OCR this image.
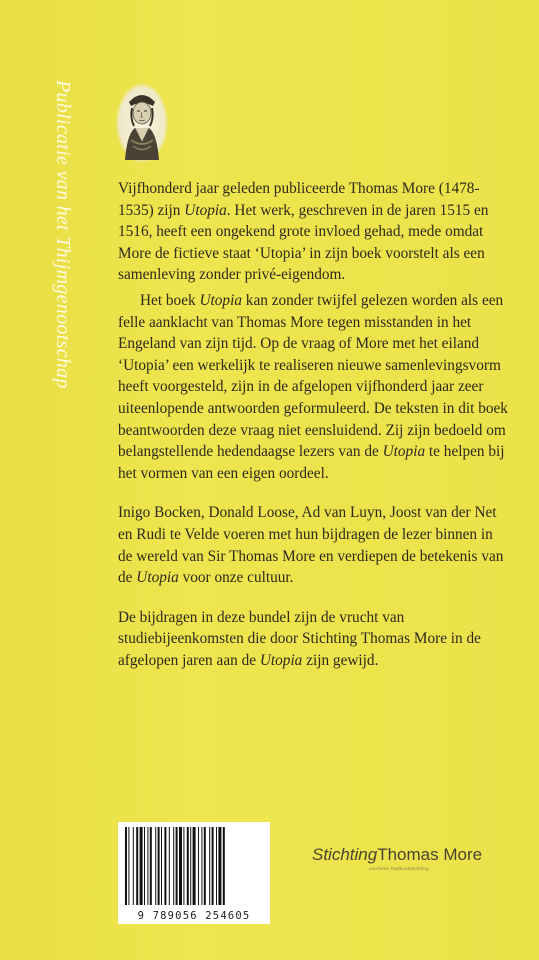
Publicatie van het Thijmgenootschap	Vijfhonderd jaar geleden publiceerde Thomas More (1478-1535) zijn Utopia. Het werk, geschreven in de jaren 1515 en 1516, heeft een ongekend grote invloed gehad, mede omdat More de fictieve staat ‘Utopia’ in zijn boek voorstelt als een samenleving zonder privé-eigendom.

Het boek Utopia kan zonder twijfel gelezen worden als een felle aanklacht van Thomas More tegen misstanden in het Engeland van zijn tijd. Op de vraag of More met het eiland ‘Utopia’ een werkelijk te realiseren nieuwe samenlevingsvorm heeft voorgesteld, zijn in de afgelopen vijfhonderd jaar zeer uiteenlopende antwoorden geformuleerd. De teksten in dit boek beantwoorden deze vraag niet eensluidend. Zij zijn bedoeld om belangstellende hedendaagse lezers van de Utopia te helpen bij het vormen van een eigen oordeel.

Inigo Bocken, Donald Loose, Ad van Luyn, Joost van der Net en Rudi te Velde voeren met hun bijdragen de lezer binnen in de wereld van Sir Thomas More en verdiepen de betekenis van de Utopia voor onze cultuur.

De bijdragen in deze bundel zijn de vrucht van studiebijeenkomsten die door Stichting Thomas More in de afgelopen jaren aan de Utopia zijn gewijd.

9 789056 254605
StichtingThomas More
voorheen Radboudstichting
